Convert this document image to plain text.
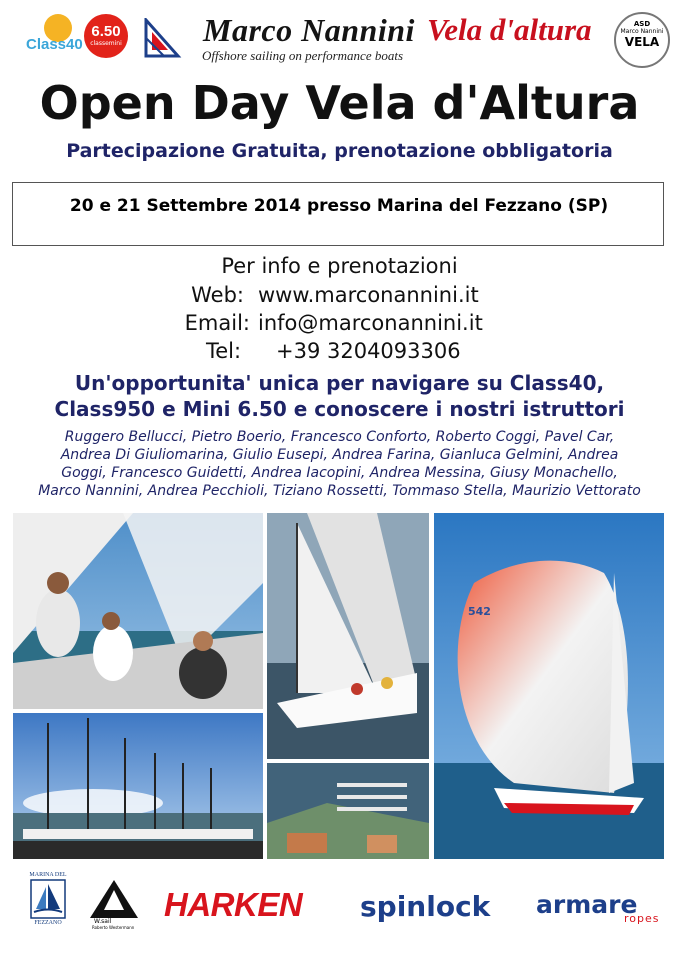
Class40
6.50
classemini	Marco Nannini
Offshore sailing on performance boats
Vela d'altura	ASD
Marco Nannini
VELA
Open Day Vela d'Altura
Partecipazione Gratuita, prenotazione obbligatoria
20 e 21 Settembre 2014 presso Marina del Fezzano (SP)
Per info e prenotazioni
Web: www.marconannini.it
Email: info@marconannini.it
Tel: +39 3204093306
Un'opportunita' unica per navigare su Class40,
Class950 e Mini 6.50 e conoscere i nostri istruttori
Ruggero Bellucci, Pietro Boerio, Francesco Conforto, Roberto Coggi, Pavel Car,
Andrea Di Giuliomarina, Giulio Eusepi, Andrea Farina, Gianluca Gelmini, Andrea
Goggi, Francesco Guidetti, Andrea Iacopini, Andrea Messina, Giusy Monachello,
Marco Nannini, Andrea Pecchioli, Tiziano Rossetti, Tommaso Stella, Maurizio Vettorato
542
542
MARINA DEL
FEZZANO	W.sail
Roberto Westermann
HARKEN spinlock armare
ropes
